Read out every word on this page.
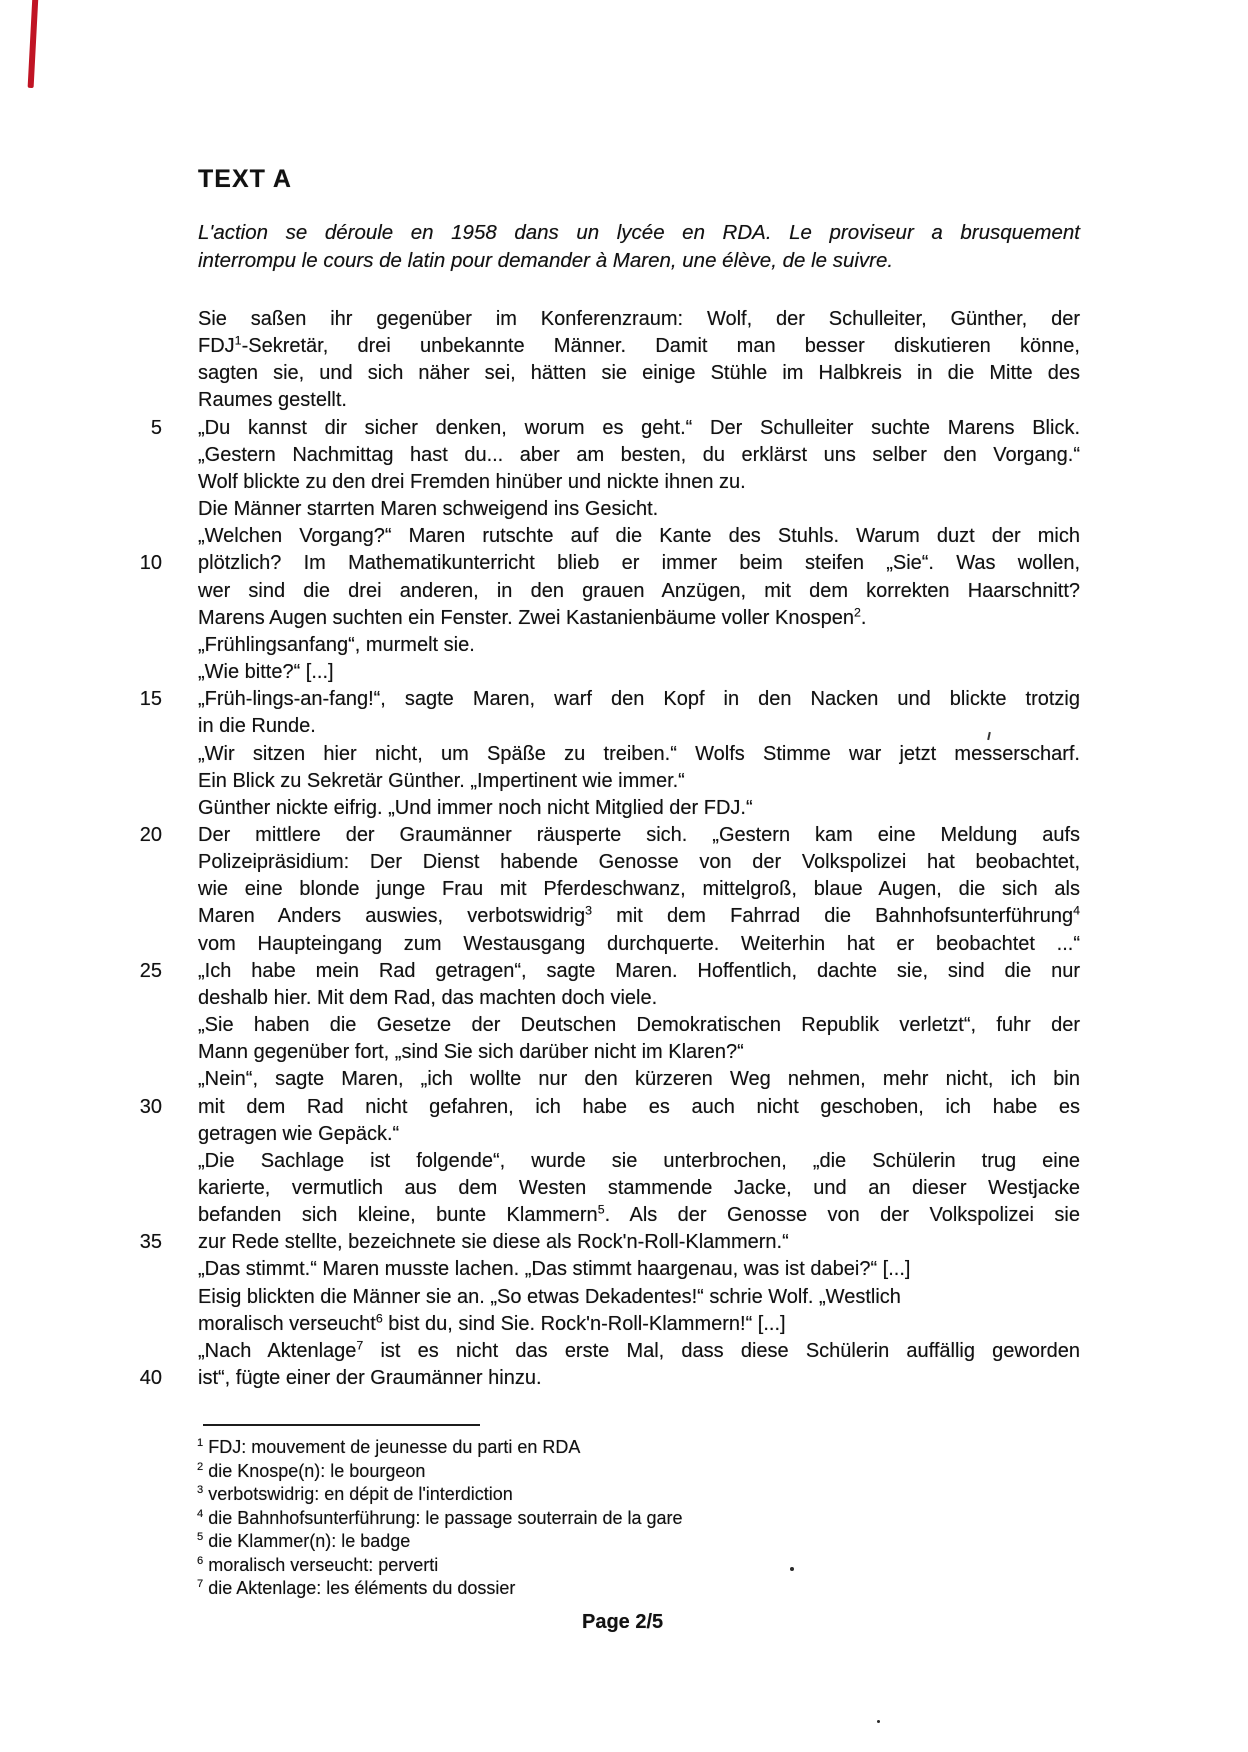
TEXT A
L'action se déroule en 1958 dans un lycée en RDA. Le proviseur a brusquement
interrompu le cours de latin pour demander à Maren, une élève, de le suivre.
Sie saßen ihr gegenüber im Konferenzraum: Wolf, der Schulleiter, Günther, der
FDJ$^1$-Sekretär, drei unbekannte Männer. Damit man besser diskutieren könne,
sagten sie, und sich näher sei, hätten sie einige Stühle im Halbkreis in die Mitte des
Raumes gestellt.
5 „Du kannst dir sicher denken, worum es geht.“ Der Schulleiter suchte Marens Blick.
„Gestern Nachmittag hast du... aber am besten, du erklärst uns selber den Vorgang.“
Wolf blickte zu den drei Fremden hinüber und nickte ihnen zu.
Die Männer starrten Maren schweigend ins Gesicht.
„Welchen Vorgang?“ Maren rutschte auf die Kante des Stuhls. Warum duzt der mich
10 plötzlich? Im Mathematikunterricht blieb er immer beim steifen „Sie“. Was wollen,
wer sind die drei anderen, in den grauen Anzügen, mit dem korrekten Haarschnitt?
Marens Augen suchten ein Fenster. Zwei Kastanienbäume voller Knospen$^2$.
„Frühlingsanfang“, murmelt sie.
„Wie bitte?“ [...]
15 „Früh-lings-an-fang!“, sagte Maren, warf den Kopf in den Nacken und blickte trotzig
in die Runde.
„Wir sitzen hier nicht, um Späße zu treiben.“ Wolfs Stimme war jetzt messerscharf.
Ein Blick zu Sekretär Günther. „Impertinent wie immer.“
Günther nickte eifrig. „Und immer noch nicht Mitglied der FDJ.“
20 Der mittlere der Graumänner räusperte sich. „Gestern kam eine Meldung aufs
Polizeipräsidium: Der Dienst habende Genosse von der Volkspolizei hat beobachtet,
wie eine blonde junge Frau mit Pferdeschwanz, mittelgroß, blaue Augen, die sich als
Maren Anders auswies, verbotswidrig$^3$ mit dem Fahrrad die Bahnhofsunterführung$^4$
vom Haupteingang zum Westausgang durchquerte. Weiterhin hat er beobachtet ...“
25 „Ich habe mein Rad getragen“, sagte Maren. Hoffentlich, dachte sie, sind die nur
deshalb hier. Mit dem Rad, das machten doch viele.
„Sie haben die Gesetze der Deutschen Demokratischen Republik verletzt“, fuhr der
Mann gegenüber fort, „sind Sie sich darüber nicht im Klaren?“
„Nein“, sagte Maren, „ich wollte nur den kürzeren Weg nehmen, mehr nicht, ich bin
30 mit dem Rad nicht gefahren, ich habe es auch nicht geschoben, ich habe es
getragen wie Gepäck.“
„Die Sachlage ist folgende“, wurde sie unterbrochen, „die Schülerin trug eine
karierte, vermutlich aus dem Westen stammende Jacke, und an dieser Westjacke
befanden sich kleine, bunte Klammern$^5$. Als der Genosse von der Volkspolizei sie
35 zur Rede stellte, bezeichnete sie diese als Rock'n-Roll-Klammern.“
„Das stimmt.“ Maren musste lachen. „Das stimmt haargenau, was ist dabei?“ [...]
Eisig blickten die Männer sie an. „So etwas Dekadentes!“ schrie Wolf. „Westlich
moralisch verseucht$^6$ bist du, sind Sie. Rock'n-Roll-Klammern!“ [...]
„Nach Aktenlage$^7$ ist es nicht das erste Mal, dass diese Schülerin auffällig geworden
40 ist“, fügte einer der Graumänner hinzu.
$^1$ FDJ: mouvement de jeunesse du parti en RDA
$^2$ die Knospe(n): le bourgeon
$^3$ verbotswidrig: en dépit de l'interdiction
$^4$ die Bahnhofsunterführung: le passage souterrain de la gare
$^5$ die Klammer(n): le badge
$^6$ moralisch verseucht: perverti
$^7$ die Aktenlage: les éléments du dossier
Page 2/5
